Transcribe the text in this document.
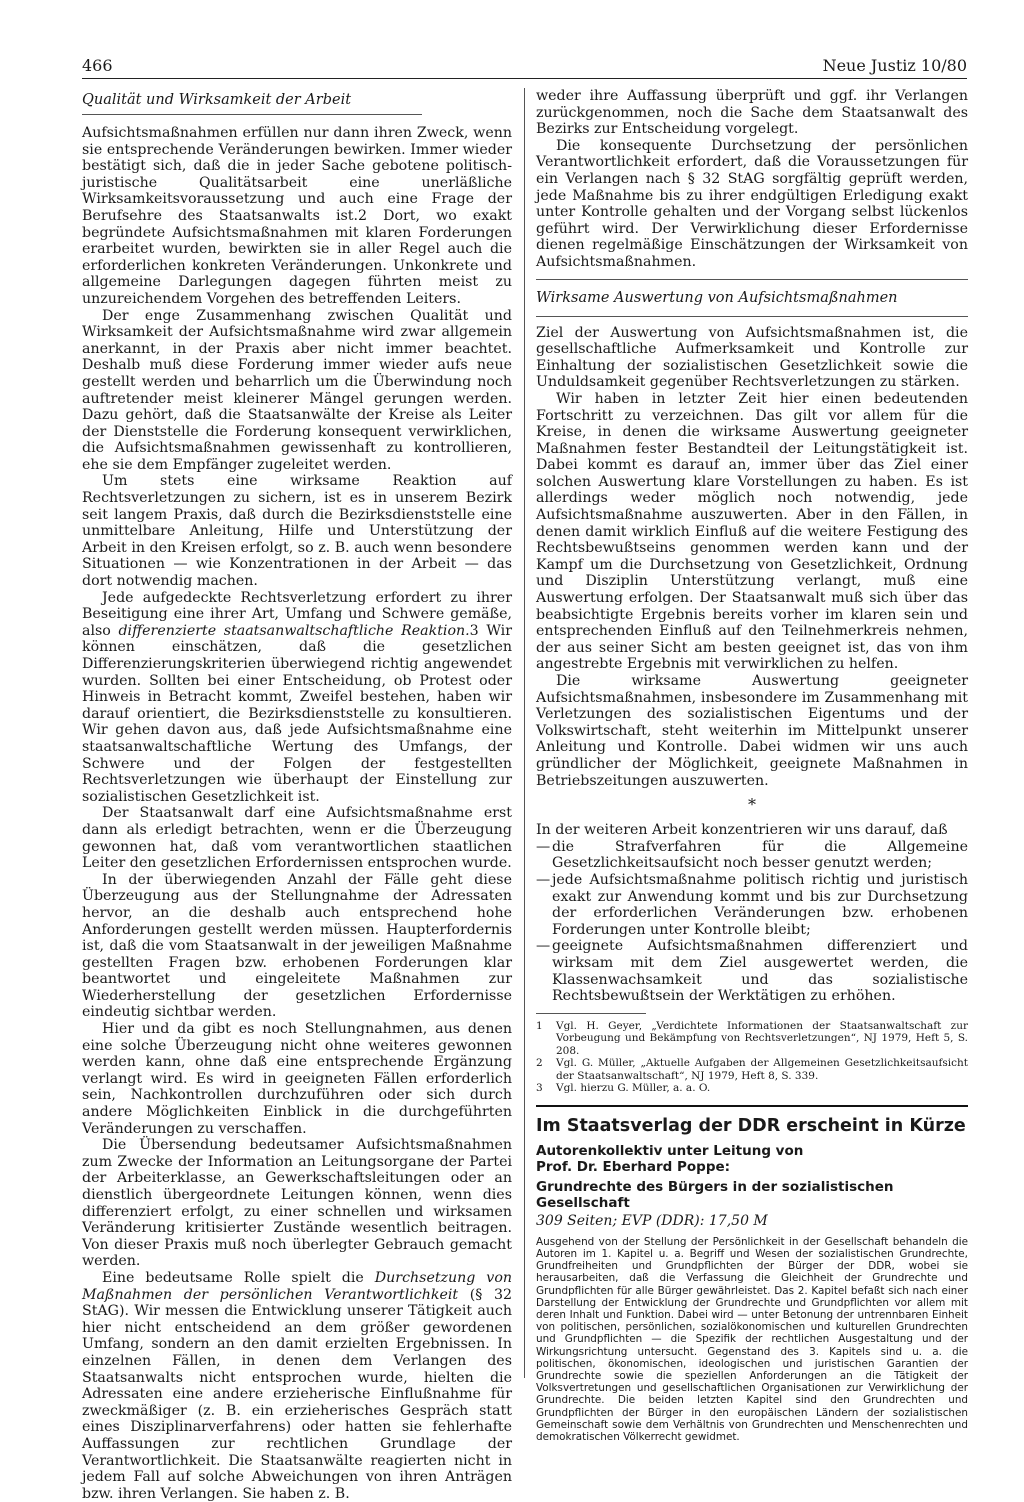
466	Neue Justiz 10/80
Qualität und Wirksamkeit der Arbeit

Aufsichtsmaßnahmen erfüllen nur dann ihren Zweck, wenn sie entsprechende Veränderungen bewirken. Immer wieder bestätigt sich, daß die in jeder Sache gebotene politisch-juristische Qualitätsarbeit eine unerläßliche Wirksamkeitsvoraussetzung und auch eine Frage der Berufsehre des Staatsanwalts ist.2 Dort, wo exakt begründete Aufsichtsmaßnahmen mit klaren Forderungen erarbeitet wurden, bewirkten sie in aller Regel auch die erforderlichen konkreten Veränderungen. Unkonkrete und allgemeine Darlegungen dagegen führten meist zu unzureichendem Vorgehen des betreffenden Leiters.

Der enge Zusammenhang zwischen Qualität und Wirksamkeit der Aufsichtsmaßnahme wird zwar allgemein anerkannt, in der Praxis aber nicht immer beachtet. Deshalb muß diese Forderung immer wieder aufs neue gestellt werden und beharrlich um die Überwindung noch auftretender meist kleinerer Mängel gerungen werden. Dazu gehört, daß die Staatsanwälte der Kreise als Leiter der Dienststelle die Forderung konsequent verwirklichen, die Aufsichtsmaßnahmen gewissenhaft zu kontrollieren, ehe sie dem Empfänger zugeleitet werden.

Um stets eine wirksame Reaktion auf Rechtsverletzungen zu sichern, ist es in unserem Bezirk seit langem Praxis, daß durch die Bezirksdienststelle eine unmittelbare Anleitung, Hilfe und Unterstützung der Arbeit in den Kreisen erfolgt, so z. B. auch wenn besondere Situationen — wie Konzentrationen in der Arbeit — das dort notwendig machen.

Jede aufgedeckte Rechtsverletzung erfordert zu ihrer Beseitigung eine ihrer Art, Umfang und Schwere gemäße, also differenzierte staatsanwaltschaftliche Reaktion.3 Wir können einschätzen, daß die gesetzlichen Differenzierungskriterien überwiegend richtig angewendet wurden. Sollten bei einer Entscheidung, ob Protest oder Hinweis in Betracht kommt, Zweifel bestehen, haben wir darauf orientiert, die Bezirksdienststelle zu konsultieren. Wir gehen davon aus, daß jede Aufsichtsmaßnahme eine staatsanwaltschaftliche Wertung des Umfangs, der Schwere und der Folgen der festgestellten Rechtsverletzungen wie überhaupt der Einstellung zur sozialistischen Gesetzlichkeit ist.

Der Staatsanwalt darf eine Aufsichtsmaßnahme erst dann als erledigt betrachten, wenn er die Überzeugung gewonnen hat, daß vom verantwortlichen staatlichen Leiter den gesetzlichen Erfordernissen entsprochen wurde.

In der überwiegenden Anzahl der Fälle geht diese Überzeugung aus der Stellungnahme der Adressaten hervor, an die deshalb auch entsprechend hohe Anforderungen gestellt werden müssen. Haupterfordernis ist, daß die vom Staatsanwalt in der jeweiligen Maßnahme gestellten Fragen bzw. erhobenen Forderungen klar beantwortet und eingeleitete Maßnahmen zur Wiederherstellung der gesetzlichen Erfordernisse eindeutig sichtbar werden.

Hier und da gibt es noch Stellungnahmen, aus denen eine solche Überzeugung nicht ohne weiteres gewonnen werden kann, ohne daß eine entsprechende Ergänzung verlangt wird. Es wird in geeigneten Fällen erforderlich sein, Nachkontrollen durchzuführen oder sich durch andere Möglichkeiten Einblick in die durchgeführten Veränderungen zu verschaffen.

Die Übersendung bedeutsamer Aufsichtsmaßnahmen zum Zwecke der Information an Leitungsorgane der Partei der Arbeiterklasse, an Gewerkschaftsleitungen oder an dienstlich übergeordnete Leitungen können, wenn dies differenziert erfolgt, zu einer schnellen und wirksamen Veränderung kritisierter Zustände wesentlich beitragen. Von dieser Praxis muß noch überlegter Gebrauch gemacht werden.

Eine bedeutsame Rolle spielt die Durchsetzung von Maßnahmen der persönlichen Verantwortlichkeit (§ 32 StAG). Wir messen die Entwicklung unserer Tätigkeit auch hier nicht entscheidend an dem größer gewordenen Umfang, sondern an den damit erzielten Ergebnissen. In einzelnen Fällen, in denen dem Verlangen des Staatsanwalts nicht entsprochen wurde, hielten die Adressaten eine andere erzieherische Einflußnahme für zweckmäßiger (z. B. ein erzieherisches Gespräch statt eines Disziplinarverfahrens) oder hatten sie fehlerhafte Auffassungen zur rechtlichen Grundlage der Verantwortlichkeit. Die Staatsanwälte reagierten nicht in jedem Fall auf solche Abweichungen von ihren Anträgen bzw. ihren Verlangen. Sie haben z. B.

weder ihre Auffassung überprüft und ggf. ihr Verlangen zurückgenommen, noch die Sache dem Staatsanwalt des Bezirks zur Entscheidung vorgelegt.

Die konsequente Durchsetzung der persönlichen Verantwortlichkeit erfordert, daß die Voraussetzungen für ein Verlangen nach § 32 StAG sorgfältig geprüft werden, jede Maßnahme bis zu ihrer endgültigen Erledigung exakt unter Kontrolle gehalten und der Vorgang selbst lückenlos geführt wird. Der Verwirklichung dieser Erfordernisse dienen regelmäßige Einschätzungen der Wirksamkeit von Aufsichtsmaßnahmen.

Wirksame Auswertung von Aufsichtsmaßnahmen

Ziel der Auswertung von Aufsichtsmaßnahmen ist, die gesellschaftliche Aufmerksamkeit und Kontrolle zur Einhaltung der sozialistischen Gesetzlichkeit sowie die Unduldsamkeit gegenüber Rechtsverletzungen zu stärken.

Wir haben in letzter Zeit hier einen bedeutenden Fortschritt zu verzeichnen. Das gilt vor allem für die Kreise, in denen die wirksame Auswertung geeigneter Maßnahmen fester Bestandteil der Leitungstätigkeit ist. Dabei kommt es darauf an, immer über das Ziel einer solchen Auswertung klare Vorstellungen zu haben. Es ist allerdings weder möglich noch notwendig, jede Aufsichtsmaßnahme auszuwerten. Aber in den Fällen, in denen damit wirklich Einfluß auf die weitere Festigung des Rechtsbewußtseins genommen werden kann und der Kampf um die Durchsetzung von Gesetzlichkeit, Ordnung und Disziplin Unterstützung verlangt, muß eine Auswertung erfolgen. Der Staatsanwalt muß sich über das beabsichtigte Ergebnis bereits vorher im klaren sein und entsprechenden Einfluß auf den Teilnehmerkreis nehmen, der aus seiner Sicht am besten geeignet ist, das von ihm angestrebte Ergebnis mit verwirklichen zu helfen.

Die wirksame Auswertung geeigneter Aufsichtsmaßnahmen, insbesondere im Zusammenhang mit Verletzungen des sozialistischen Eigentums und der Volkswirtschaft, steht weiterhin im Mittelpunkt unserer Anleitung und Kontrolle. Dabei widmen wir uns auch gründlicher der Möglichkeit, geeignete Maßnahmen in Betriebszeitungen auszuwerten.

*

In der weiteren Arbeit konzentrieren wir uns darauf, daß

— die Strafverfahren für die Allgemeine Gesetzlichkeitsaufsicht noch besser genutzt werden;
— jede Aufsichtsmaßnahme politisch richtig und juristisch exakt zur Anwendung kommt und bis zur Durchsetzung der erforderlichen Veränderungen bzw. erhobenen Forderungen unter Kontrolle bleibt;
— geeignete Aufsichtsmaßnahmen differenziert und wirksam mit dem Ziel ausgewertet werden, die Klassenwachsamkeit und das sozialistische Rechtsbewußtsein der Werktätigen zu erhöhen.
1	Vgl. H. Geyer, „Verdichtete Informationen der Staatsanwaltschaft zur Vorbeugung und Bekämpfung von Rechtsverletzungen“, NJ 1979, Heft 5, S. 208.
2	Vgl. G. Müller, „Aktuelle Aufgaben der Allgemeinen Gesetzlichkeitsaufsicht der Staatsanwaltschaft“, NJ 1979, Heft 8, S. 339.
3	Vgl. hierzu G. Müller, a. a. O.
Im Staatsverlag der DDR erscheint in Kürze
Autorenkollektiv unter Leitung von
Prof. Dr. Eberhard Poppe:
Grundrechte des Bürgers in der sozialistischen Gesellschaft
309 Seiten; EVP (DDR): 17,50 M
Ausgehend von der Stellung der Persönlichkeit in der Gesellschaft behandeln die Autoren im 1. Kapitel u. a. Begriff und Wesen der sozialistischen Grundrechte, Grundfreiheiten und Grundpflichten der Bürger der DDR, wobei sie herausarbeiten, daß die Verfassung die Gleichheit der Grundrechte und Grundpflichten für alle Bürger gewährleistet. Das 2. Kapitel befaßt sich nach einer Darstellung der Entwicklung der Grundrechte und Grundpflichten vor allem mit deren Inhalt und Funktion. Dabei wird — unter Betonung der untrennbaren Einheit von politischen, persönlichen, sozialökonomischen und kulturellen Grundrechten und Grundpflichten — die Spezifik der rechtlichen Ausgestaltung und der Wirkungsrichtung untersucht. Gegenstand des 3. Kapitels sind u. a. die politischen, ökonomischen, ideologischen und juristischen Garantien der Grundrechte sowie die speziellen Anforderungen an die Tätigkeit der Volksvertretungen und gesellschaftlichen Organisationen zur Verwirklichung der Grundrechte. Die beiden letzten Kapitel sind den Grundrechten und Grundpflichten der Bürger in den europäischen Ländern der sozialistischen Gemeinschaft sowie dem Verhältnis von Grundrechten und Menschenrechten und demokratischen Völkerrecht gewidmet.
